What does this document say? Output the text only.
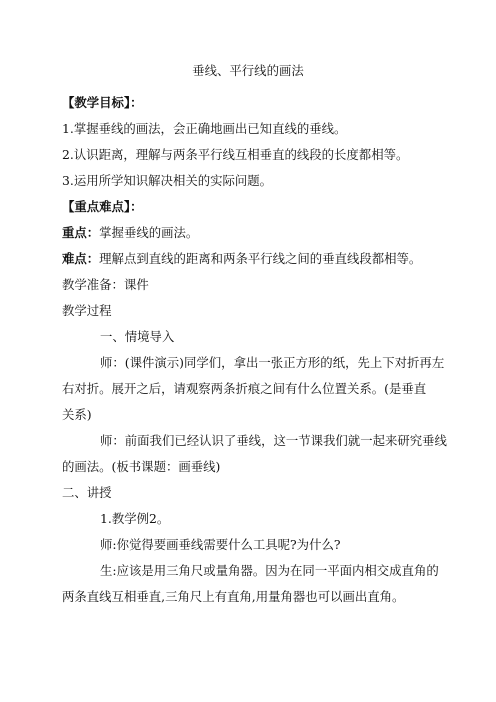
垂线、平行线的画法
【教学目标】：
1.掌握垂线的画法，会正确地画出已知直线的垂线。
2.认识距离，理解与两条平行线互相垂直的线段的长度都相等。
3.运用所学知识解决相关的实际问题。
【重点难点】：
重点：掌握垂线的画法。
难点：理解点到直线的距离和两条平行线之间的垂直线段都相等。
教学准备：课件
教学过程
一、情境导入
师：(课件演示)同学们，拿出一张正方形的纸，先上下对折再左
右对折。展开之后，请观察两条折痕之间有什么位置关系。(是垂直
关系)
师：前面我们已经认识了垂线，这一节课我们就一起来研究垂线
的画法。(板书课题：画垂线)
二、讲授
1.教学例2。
师:你觉得要画垂线需要什么工具呢?为什么?
生:应该是用三角尺或量角器。因为在同一平面内相交成直角的
两条直线互相垂直,三角尺上有直角,用量角器也可以画出直角。
